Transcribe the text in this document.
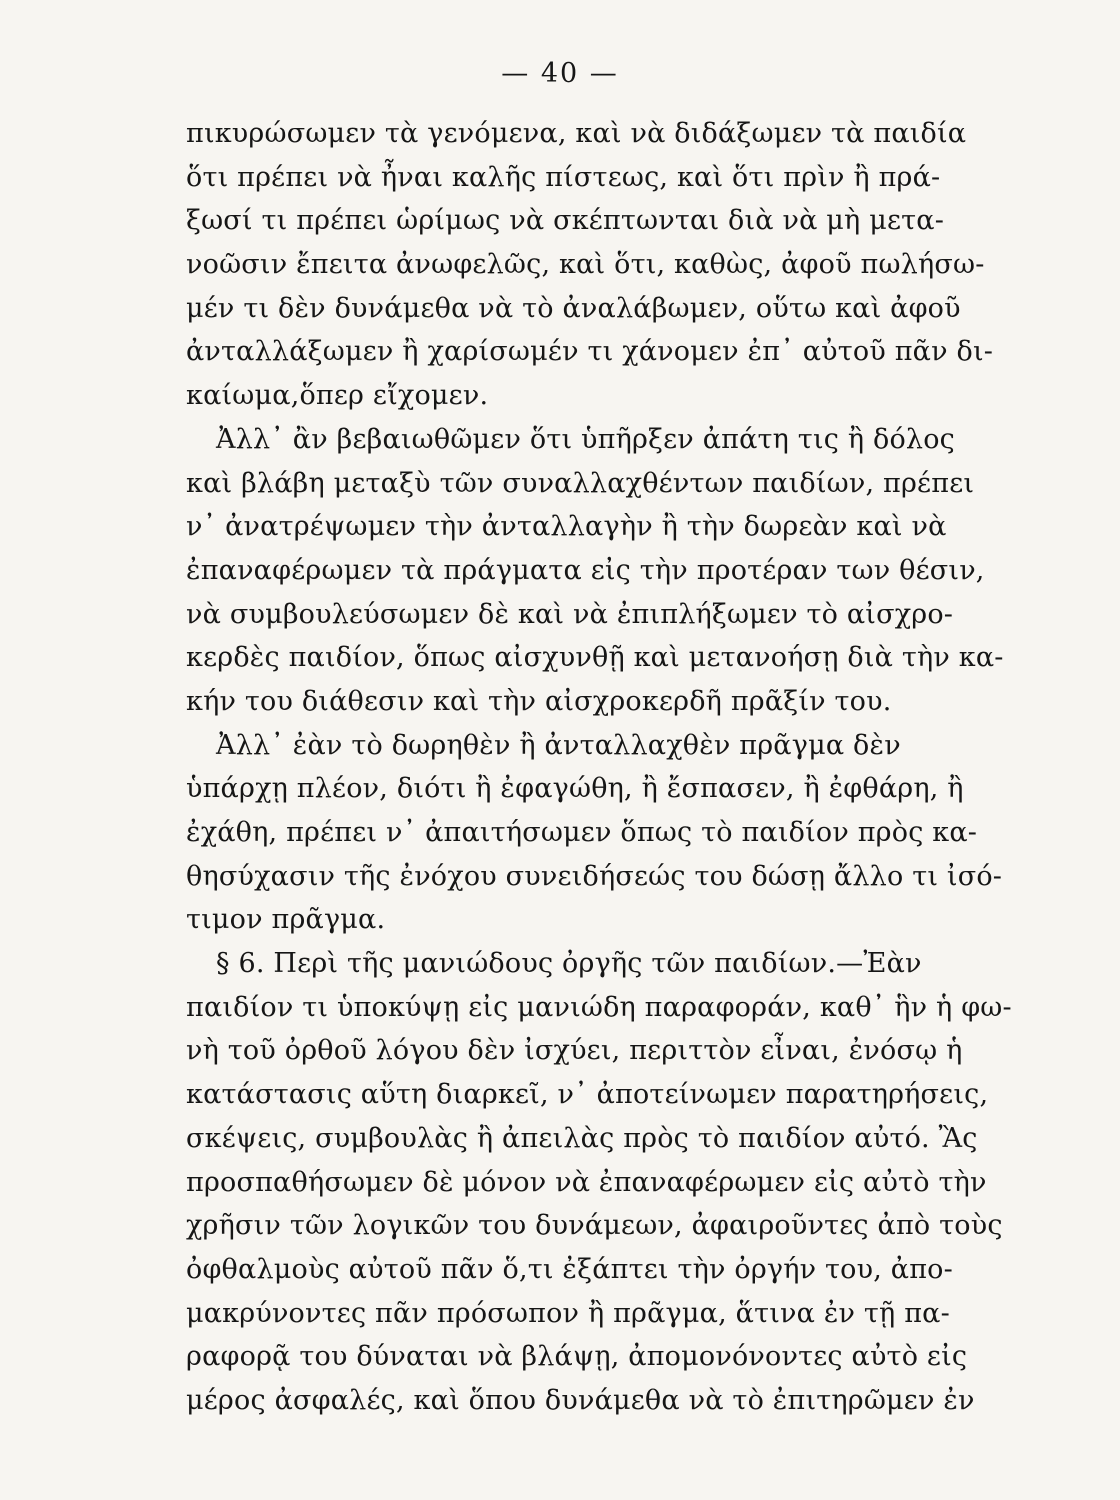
— 40 —
πικυρώσωμεν τὰ γενόμενα, καὶ νὰ διδάξωμεν τὰ παιδία
ὅτι πρέπει νὰ ἦναι καλῆς πίστεως, καὶ ὅτι πρὶν ἢ πρά-
ξωσί τι πρέπει ὡρίμως νὰ σκέπτωνται διὰ νὰ μὴ μετα-
νοῶσιν ἔπειτα ἀνωφελῶς, καὶ ὅτι, καθὼς, ἀφοῦ πωλήσω-
μέν τι δὲν δυνάμεθα νὰ τὸ ἀναλάβωμεν, οὕτω καὶ ἀφοῦ
ἀνταλλάξωμεν ἢ χαρίσωμέν τι χάνομεν ἐπ᾽ αὐτοῦ πᾶν δι-
καίωμα,ὅπερ εἴχομεν.
Ἀλλ᾽ ἂν βεβαιωθῶμεν ὅτι ὑπῆρξεν ἀπάτη τις ἢ δόλος
καὶ βλάβη μεταξὺ τῶν συναλλαχθέντων παιδίων, πρέπει
ν᾽ ἀνατρέψωμεν τὴν ἀνταλλαγὴν ἢ τὴν δωρεὰν καὶ νὰ
ἐπαναφέρωμεν τὰ πράγματα εἰς τὴν προτέραν των θέσιν,
νὰ συμβουλεύσωμεν δὲ καὶ νὰ ἐπιπλήξωμεν τὸ αἰσχρο-
κερδὲς παιδίον, ὅπως αἰσχυνθῇ καὶ μετανοήσῃ διὰ τὴν κα-
κήν του διάθεσιν καὶ τὴν αἰσχροκερδῆ πρᾶξίν του.
Ἀλλ᾽ ἐὰν τὸ δωρηθὲν ἢ ἀνταλλαχθὲν πρᾶγμα δὲν
ὑπάρχῃ πλέον, διότι ἢ ἐφαγώθη, ἢ ἔσπασεν, ἢ ἐφθάρη, ἢ
ἐχάθη, πρέπει ν᾽ ἀπαιτήσωμεν ὅπως τὸ παιδίον πρὸς κα-
θησύχασιν τῆς ἐνόχου συνειδήσεώς του δώσῃ ἄλλο τι ἰσό-
τιμον πρᾶγμα.
§ 6. Περὶ τῆς μανιώδους ὀργῆς τῶν παιδίων.—Ἐὰν
παιδίον τι ὑποκύψῃ εἰς μανιώδη παραφοράν, καθ᾽ ἣν ἡ φω-
νὴ τοῦ ὀρθοῦ λόγου δὲν ἰσχύει, περιττὸν εἶναι, ἐνόσῳ ἡ
κατάστασις αὕτη διαρκεῖ, ν᾽ ἀποτείνωμεν παρατηρήσεις,
σκέψεις, συμβουλὰς ἢ ἀπειλὰς πρὸς τὸ παιδίον αὐτό. Ἂς
προσπαθήσωμεν δὲ μόνον νὰ ἐπαναφέρωμεν εἰς αὐτὸ τὴν
χρῆσιν τῶν λογικῶν του δυνάμεων, ἀφαιροῦντες ἀπὸ τοὺς
ὀφθαλμοὺς αὐτοῦ πᾶν ὅ,τι ἐξάπτει τὴν ὀργήν του, ἀπο-
μακρύνοντες πᾶν πρόσωπον ἢ πρᾶγμα, ἅτινα ἐν τῇ πα-
ραφορᾷ του δύναται νὰ βλάψῃ, ἀπομονόνοντες αὐτὸ εἰς
μέρος ἀσφαλές, καὶ ὅπου δυνάμεθα νὰ τὸ ἐπιτηρῶμεν ἐν
